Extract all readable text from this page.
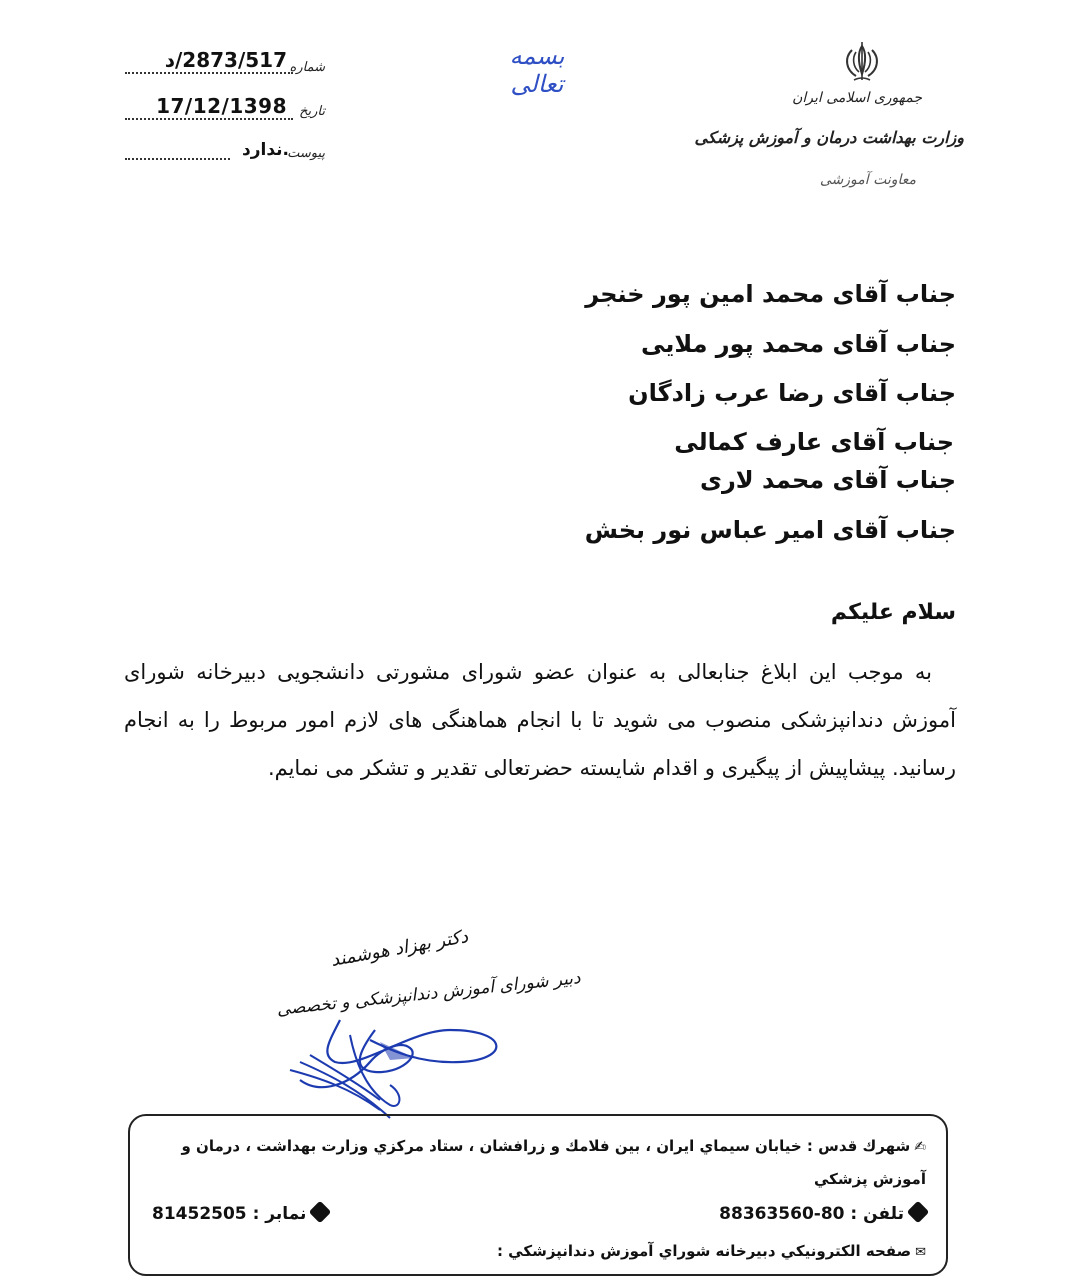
شماره
2873/517/د
تاریخ
17/12/1398
پیوست
.ندارد
بسمه تعالی	جمهوری اسلامی ایران
وزارت بهداشت درمان و آموزش پزشکی
معاونت آموزشی
جناب آقای محمد امین پور خنجر
جناب آقای محمد پور ملایی
جناب آقای رضا عرب زادگان
جناب آقای عارف کمالی
جناب آقای محمد لاری
جناب آقای امیر عباس نور بخش
سلام علیکم
به موجب این ابلاغ جنابعالی به عنوان عضو شورای مشورتی دانشجویی دبیرخانه شورای آموزش دندانپزشکی منصوب می شوید تا با انجام هماهنگی های لازم امور مربوط را به انجام رسانید. پیشاپیش از پیگیری و اقدام شایسته حضرتعالی تقدیر و تشکر می نمایم.
دکتر بهزاد هوشمند
دبیر شورای آموزش دندانپزشکی و تخصصی
✍شهرك قدس : خيابان سيماي ايران ، بين فلامك و زرافشان ، ستاد مركزي وزارت بهداشت ، درمان و آموزش پزشكي
تلفن : 88363560-80
نمابر : 81452505
✉صفحه الكترونيكي دبيرخانه شوراي آموزش دندانپزشكي :
